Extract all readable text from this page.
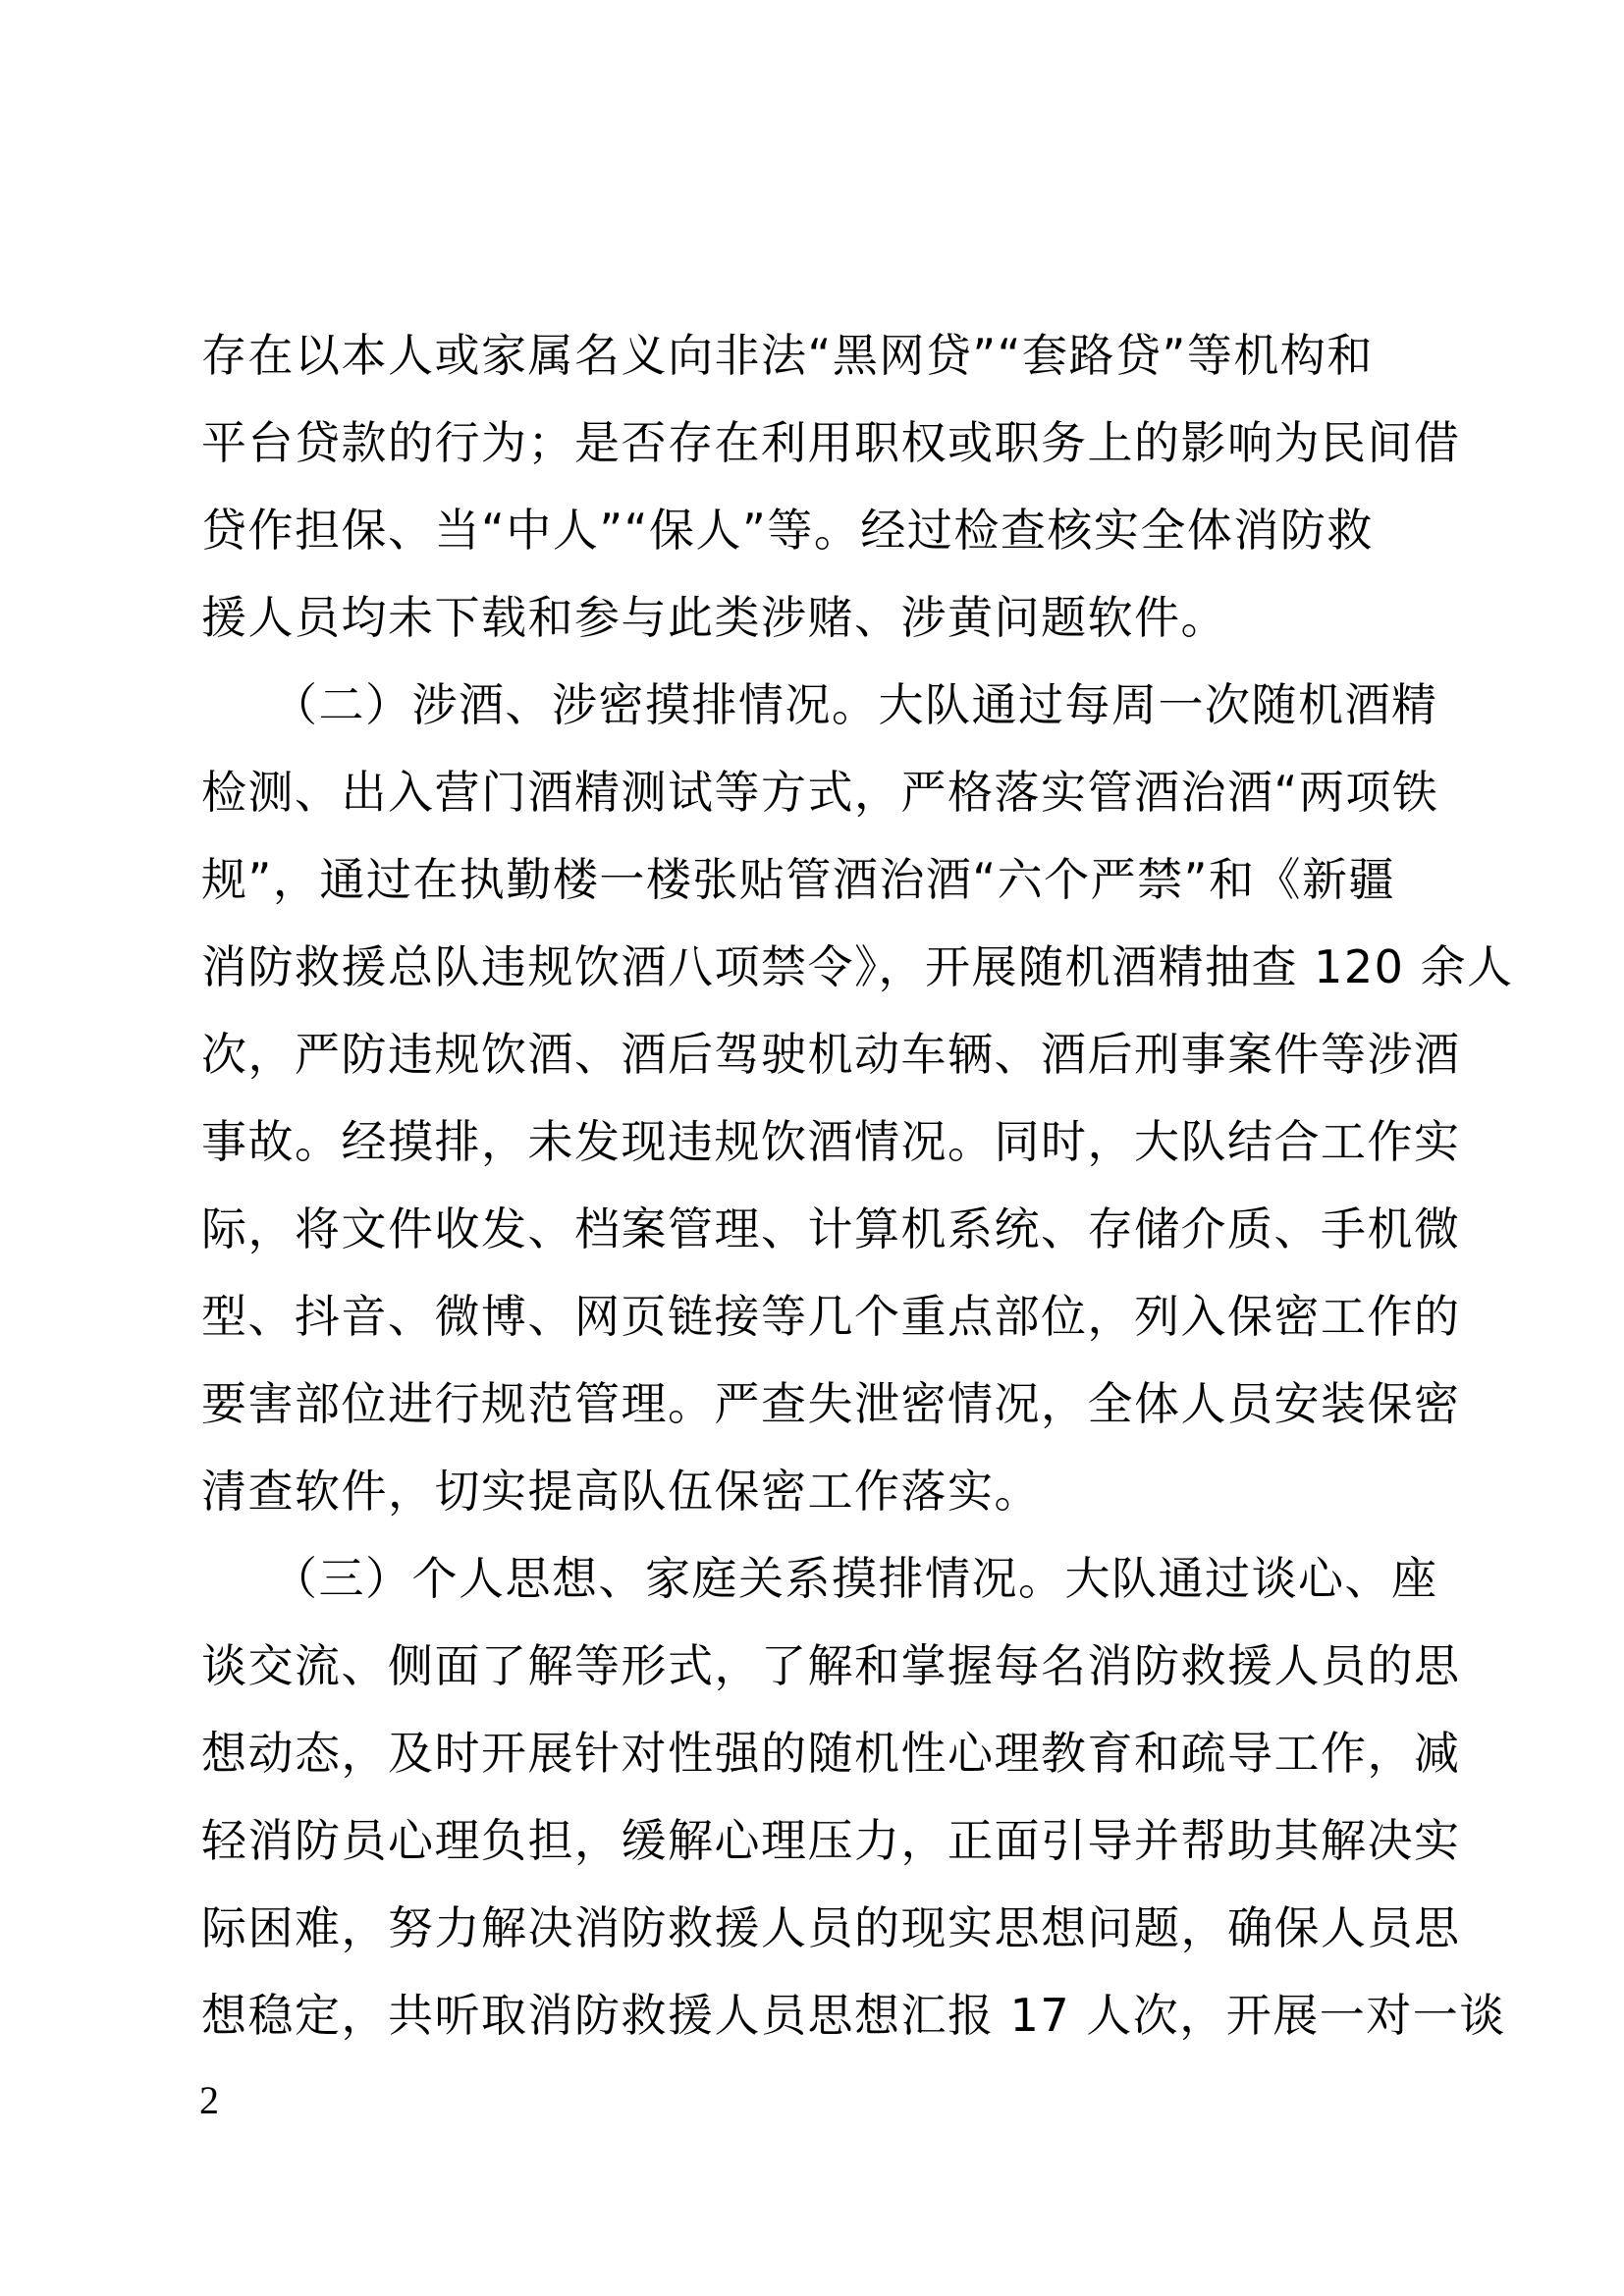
存在以本人或家属名义向非法“黑网贷”“套路贷”等机构和
平台贷款的行为；是否存在利用职权或职务上的影响为民间借
贷作担保、当“中人”“保人”等。经过检查核实全体消防救
援人员均未下载和参与此类涉赌、涉黄问题软件。
　　（二）涉酒、涉密摸排情况。大队通过每周一次随机酒精
检测、出入营门酒精测试等方式，严格落实管酒治酒“两项铁
规”，通过在执勤楼一楼张贴管酒治酒“六个严禁”和《新疆
消防救援总队违规饮酒八项禁令》，开展随机酒精抽查 120 余人
次，严防违规饮酒、酒后驾驶机动车辆、酒后刑事案件等涉酒
事故。经摸排，未发现违规饮酒情况。同时，大队结合工作实
际，将文件收发、档案管理、计算机系统、存储介质、手机微
型、抖音、微博、网页链接等几个重点部位，列入保密工作的
要害部位进行规范管理。严查失泄密情况，全体人员安装保密
清查软件，切实提高队伍保密工作落实。
　　（三）个人思想、家庭关系摸排情况。大队通过谈心、座
谈交流、侧面了解等形式，了解和掌握每名消防救援人员的思
想动态，及时开展针对性强的随机性心理教育和疏导工作，减
轻消防员心理负担，缓解心理压力，正面引导并帮助其解决实
际困难，努力解决消防救援人员的现实思想问题，确保人员思
想稳定，共听取消防救援人员思想汇报 17 人次，开展一对一谈
2
